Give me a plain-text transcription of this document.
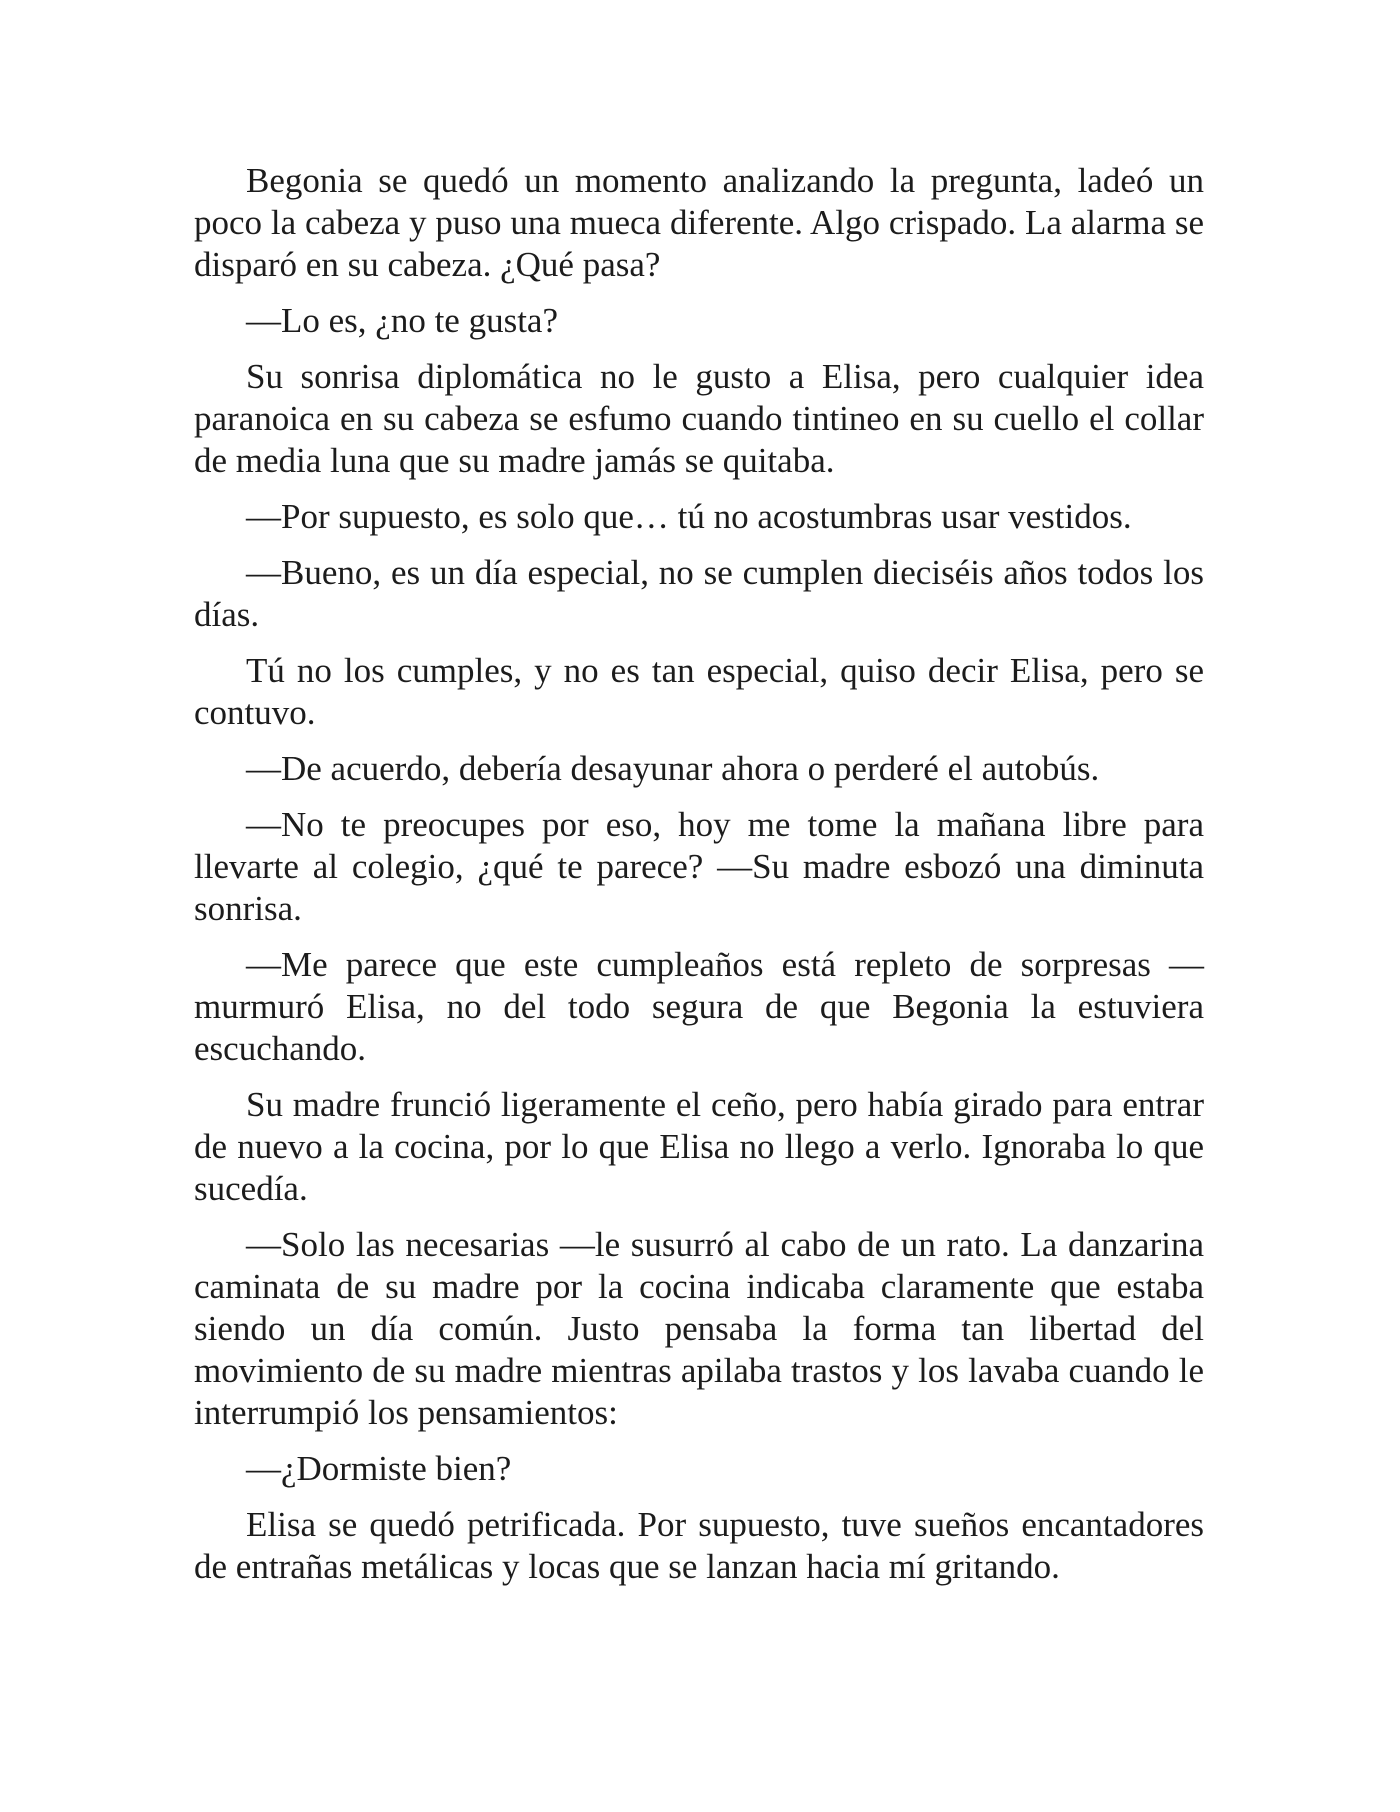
Begonia se quedó un momento analizando la pregunta, ladeó un poco la cabeza y puso una mueca diferente. Algo crispado. La alarma se disparó en su cabeza. ¿Qué pasa?

—Lo es, ¿no te gusta?

Su sonrisa diplomática no le gusto a Elisa, pero cualquier idea paranoica en su cabeza se esfumo cuando tintineo en su cuello el collar de media luna que su madre jamás se quitaba.

—Por supuesto, es solo que… tú no acostumbras usar vestidos.

—Bueno, es un día especial, no se cumplen dieciséis años todos los días.

Tú no los cumples, y no es tan especial, quiso decir Elisa, pero se contuvo.

—De acuerdo, debería desayunar ahora o perderé el autobús.

—No te preocupes por eso, hoy me tome la mañana libre para llevarte al colegio, ¿qué te parece? —Su madre esbozó una diminuta sonrisa.

—Me parece que este cumpleaños está repleto de sorpresas —murmuró Elisa, no del todo segura de que Begonia la estuviera escuchando.

Su madre frunció ligeramente el ceño, pero había girado para entrar de nuevo a la cocina, por lo que Elisa no llego a verlo. Ignoraba lo que sucedía.

—Solo las necesarias —le susurró al cabo de un rato. La danzarina caminata de su madre por la cocina indicaba claramente que estaba siendo un día común. Justo pensaba la forma tan libertad del movimiento de su madre mientras apilaba trastos y los lavaba cuando le interrumpió los pensamientos:

—¿Dormiste bien?

Elisa se quedó petrificada. Por supuesto, tuve sueños encantadores de entrañas metálicas y locas que se lanzan hacia mí gritando.
